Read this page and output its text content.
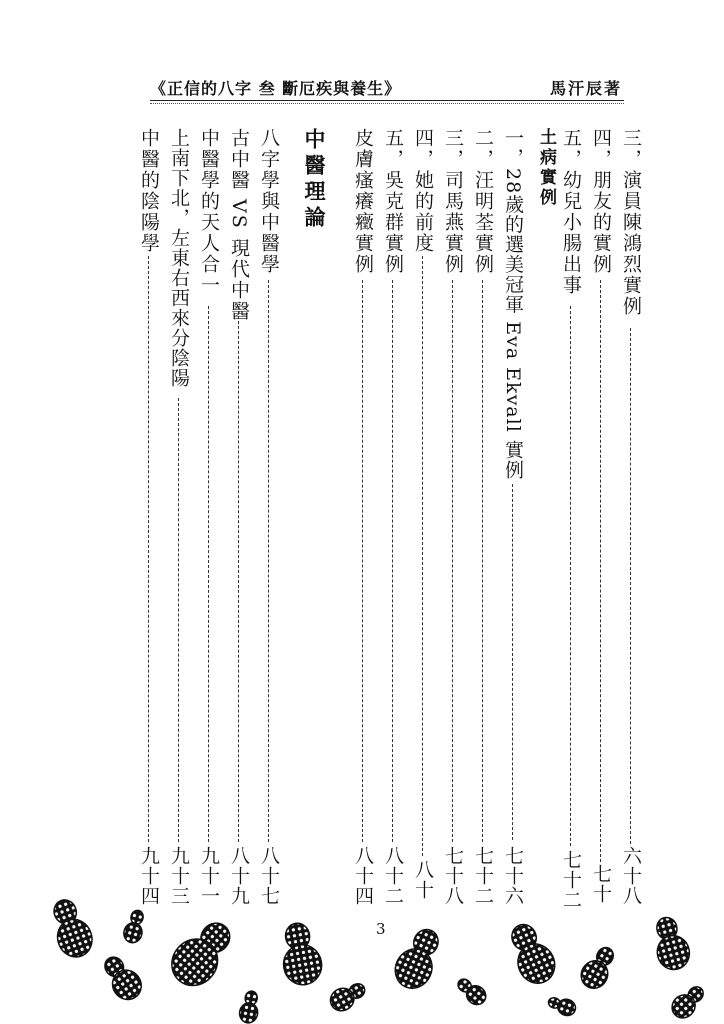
《正信的八字 叁 斷厄疾與養生》	馬汗辰著
三，演員陳鴻烈實例
六十八
四，朋友的實例
七十
五，幼兒小腸出事
七十二
土病實例
一，28歲的選美冠軍 Eva Ekvall 實例
七十六
二，汪明荃實例
七十二
三，司馬燕實例
七十八
四，她的前度
八十
五，吳克群實例
八十二
皮膚瘙癢癥實例
八十四
中醫理論
八字學與中醫學
八十七
古中醫 VS 現代中醫
八十九
中醫學的天人合一
九十一
上南下北，左東右西來分陰陽
九十三
中醫的陰陽學
九十四
3
